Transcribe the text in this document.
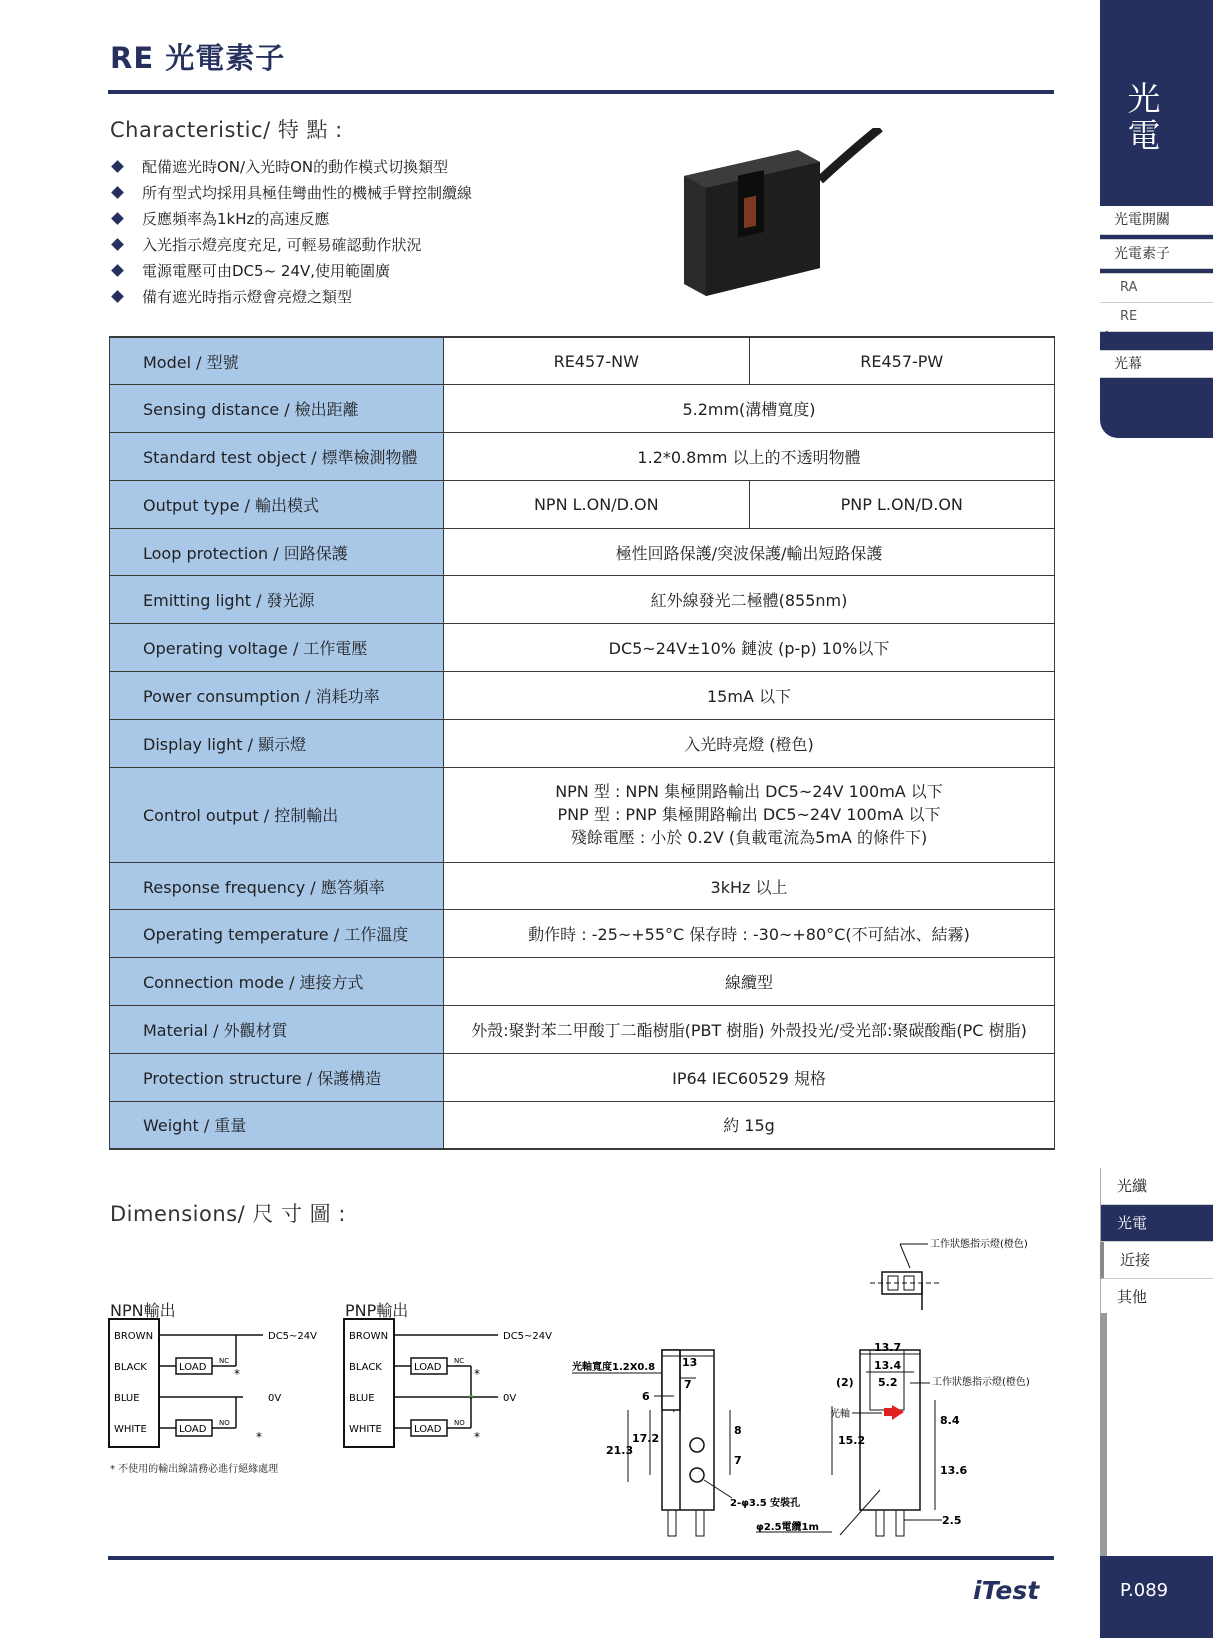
RE 光電素子
Characteristic/ 特 點 :
配備遮光時ON/入光時ON的動作模式切換類型
所有型式均採用具極佳彎曲性的機械手臂控制纜線
反應頻率為1kHz的高速反應
入光指示燈亮度充足, 可輕易確認動作狀況
電源電壓可由DC5~ 24V,使用範圍廣
備有遮光時指示燈會亮燈之類型
Model / 型號	RE457-NW	RE457-PW
Sensing distance / 檢出距離	5.2mm(溝槽寬度)	
Standard test object / 標準檢測物體	1.2*0.8mm 以上的不透明物體	
Output type / 輸出模式	NPN L.ON/D.ON	PNP L.ON/D.ON
Loop protection / 回路保護	極性回路保護/突波保護/輸出短路保護	
Emitting light / 發光源	紅外線發光二極體(855nm)	
Operating voltage / 工作電壓	DC5~24V±10% 鏈波 (p-p) 10%以下	
Power consumption / 消耗功率	15mA 以下	
Display light / 顯示燈	入光時亮燈 (橙色)	
Control output / 控制輸出	NPN 型 : NPN 集極開路輸出 DC5~24V 100mA 以下
PNP 型 : PNP 集極開路輸出 DC5~24V 100mA 以下
殘餘電壓 : 小於 0.2V (負載電流為5mA 的條件下)	

Response frequency / 應答頻率	3kHz 以上	
Operating temperature / 工作溫度	動作時 : -25~+55°C 保存時 : -30~+80°C(不可結冰、結霧)	
Connection mode / 連接方式	線纜型	
Material / 外觀材質	外殼:聚對苯二甲酸丁二酯樹脂(PBT 樹脂) 外殼投光/受光部:聚碳酸酯(PC 樹脂)	
Protection structure / 保護構造	IP64 IEC60529 規格	
Weight / 重量	約 15g	
Dimensions/ 尺 寸 圖 :
NPN輸出	PNP輸出
BROWN
BLACK
BLUE
WHITE
LOAD
NC
*
LOAD
NO
*
DC5~24V
0V
BROWN
BLACK
BLUE
WHITE
LOAD
NC
*
LOAD
NO
*
DC5~24V
0V
* 不使用的輸出線請務必進行絕緣處理
工作狀態指示燈(橙色)
光軸寬度1.2X0.8 13
7
6
21.3
17.2
8
7
2-φ3.5 安裝孔
φ2.5電纜1m
13.7
13.4
(2) 5.2	工作狀態指示燈(橙色)
光軸
15.2
8.4
13.6
2.5
iTest
光電
光電開關
光電素子
RA
RE
◀
光幕
光纖
光電
近接
其他
P.089
